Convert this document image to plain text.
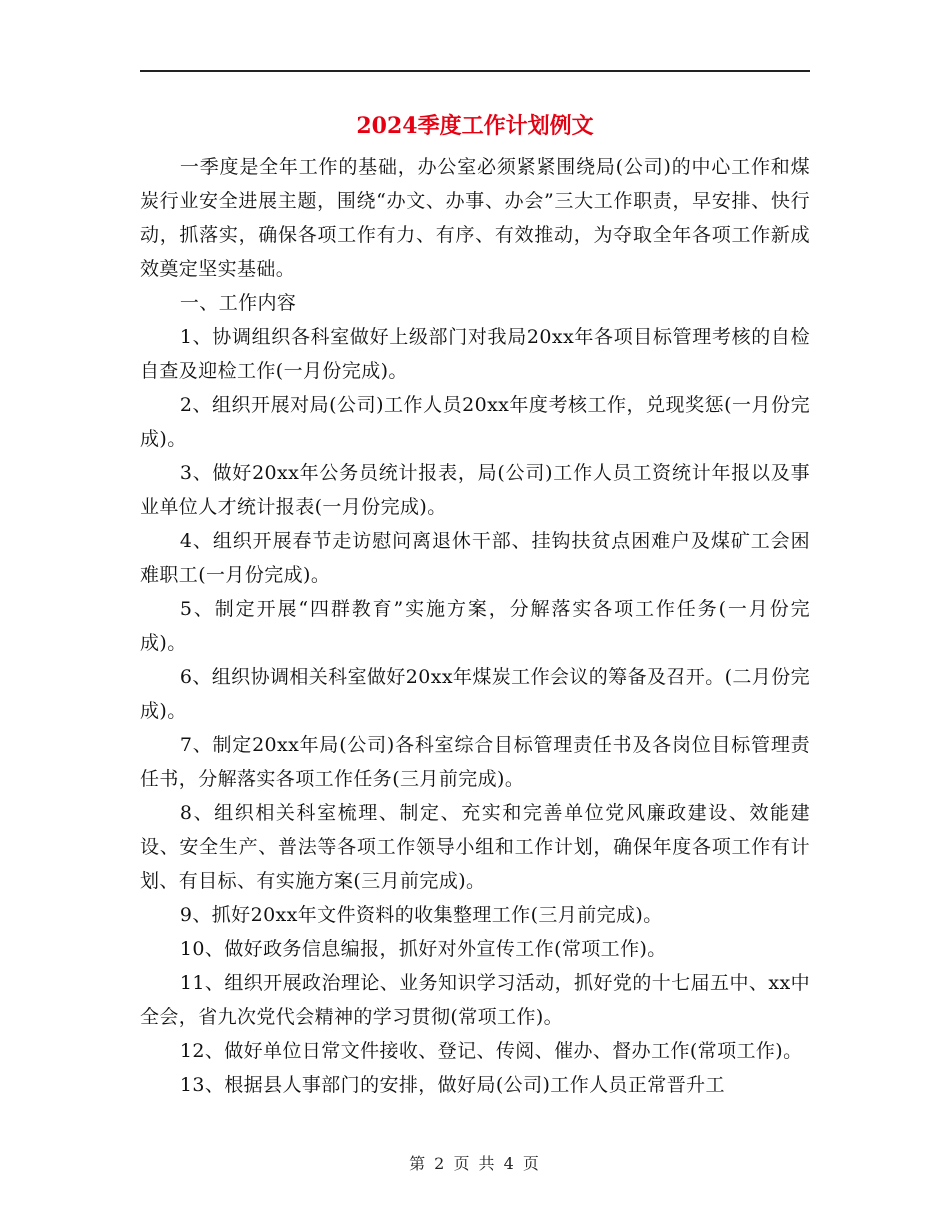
2024季度工作计划例文

一季度是全年工作的基础，办公室必须紧紧围绕局(公司)的中心工作和煤炭行业安全进展主题，围绕“办文、办事、办会”三大工作职责，早安排、快行动，抓落实，确保各项工作有力、有序、有效推动，为夺取全年各项工作新成效奠定坚实基础。

一、工作内容

1、协调组织各科室做好上级部门对我局20xx年各项目标管理考核的自检自查及迎检工作(一月份完成)。

2、组织开展对局(公司)工作人员20xx年度考核工作，兑现奖惩(一月份完成)。

3、做好20xx年公务员统计报表，局(公司)工作人员工资统计年报以及事业单位人才统计报表(一月份完成)。

4、组织开展春节走访慰问离退休干部、挂钩扶贫点困难户及煤矿工会困难职工(一月份完成)。

5、制定开展“四群教育”实施方案，分解落实各项工作任务(一月份完成)。

6、组织协调相关科室做好20xx年煤炭工作会议的筹备及召开。(二月份完成)。

7、制定20xx年局(公司)各科室综合目标管理责任书及各岗位目标管理责任书，分解落实各项工作任务(三月前完成)。

8、组织相关科室梳理、制定、充实和完善单位党风廉政建设、效能建设、安全生产、普法等各项工作领导小组和工作计划，确保年度各项工作有计划、有目标、有实施方案(三月前完成)。

9、抓好20xx年文件资料的收集整理工作(三月前完成)。

10、做好政务信息编报，抓好对外宣传工作(常项工作)。

11、组织开展政治理论、业务知识学习活动，抓好党的十七届五中、xx中全会，省九次党代会精神的学习贯彻(常项工作)。

12、做好单位日常文件接收、登记、传阅、催办、督办工作(常项工作)。

13、根据县人事部门的安排，做好局(公司)工作人员正常晋升工

第 2 页 共 4 页
